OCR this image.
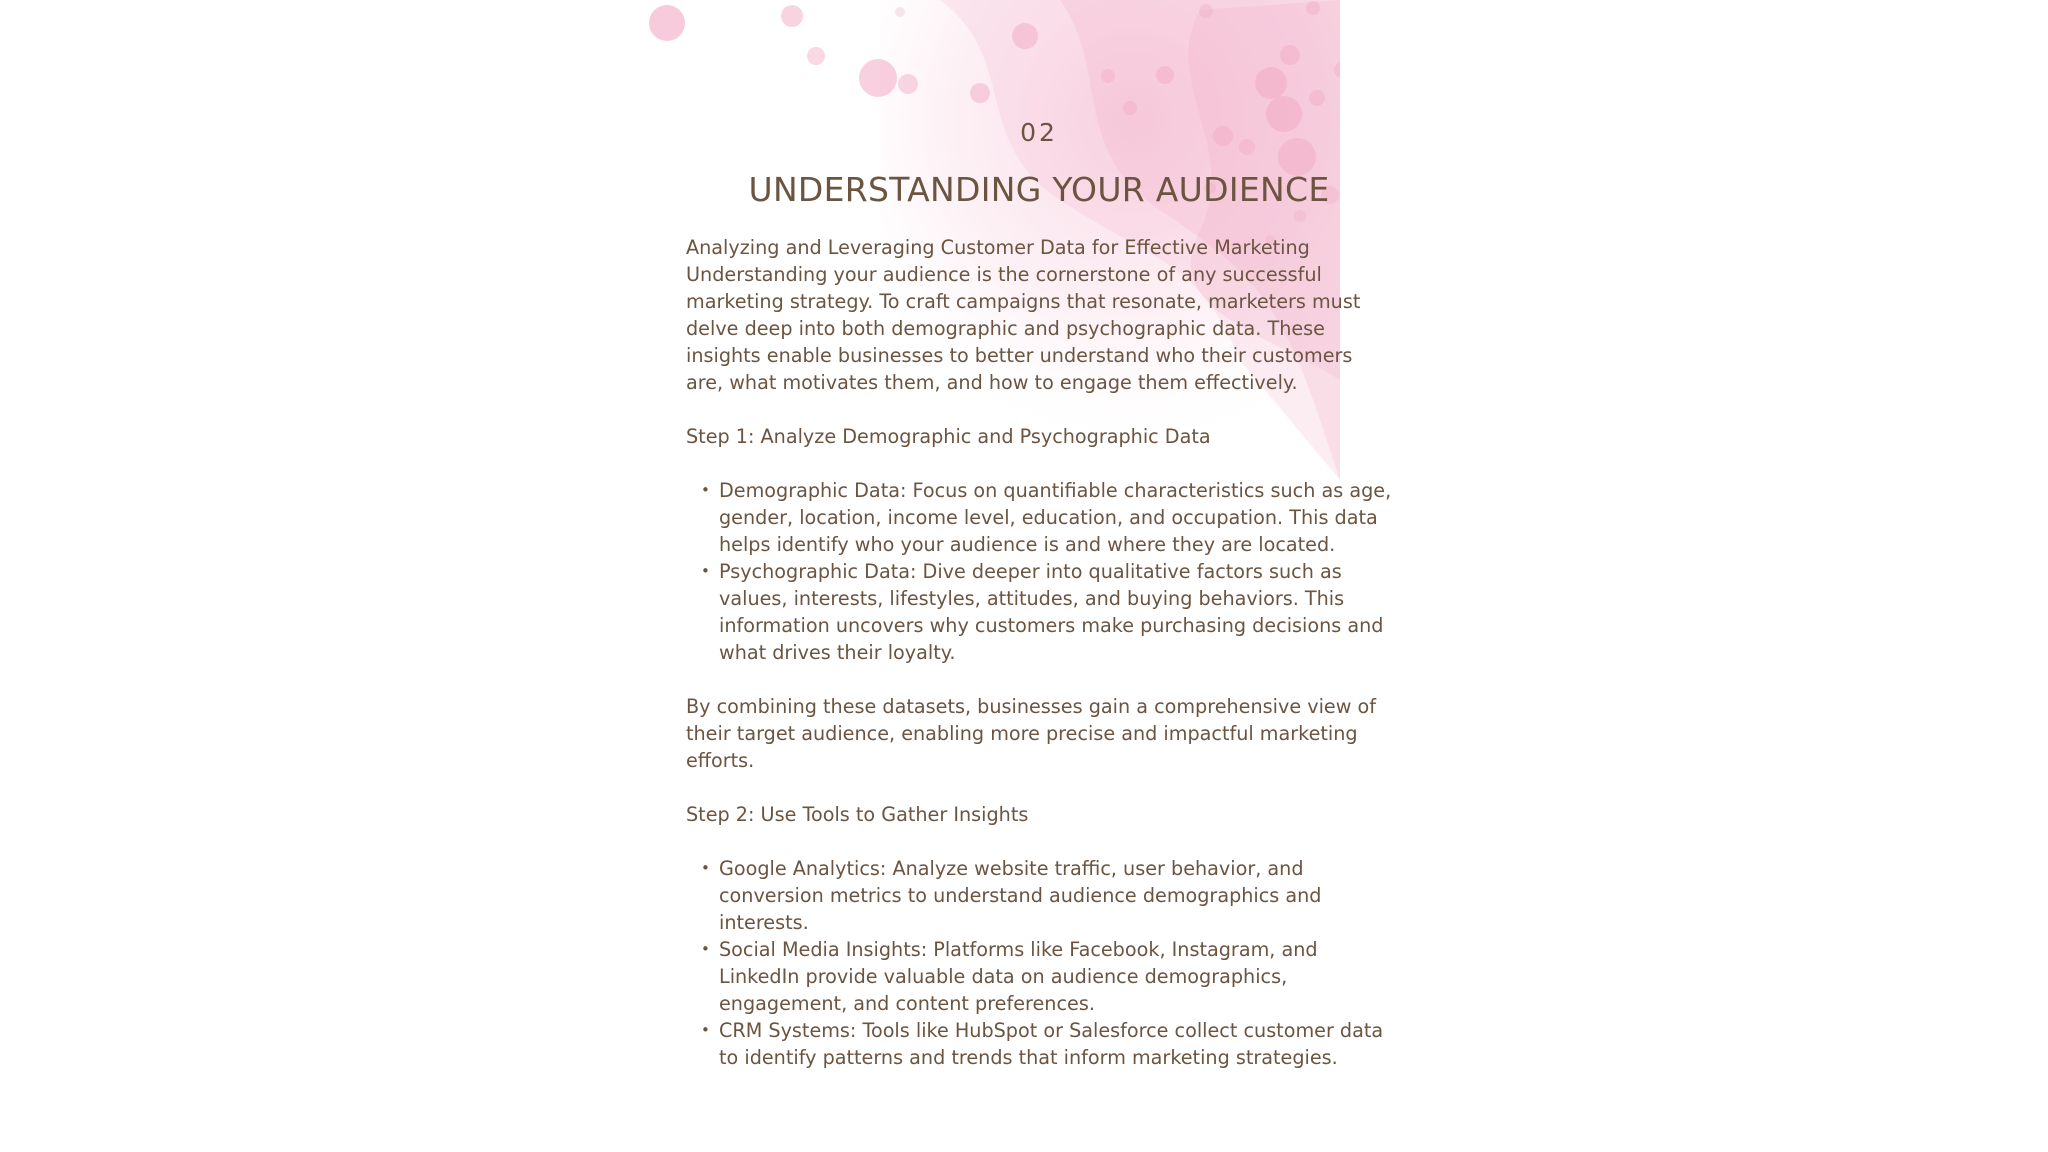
02
UNDERSTANDING YOUR AUDIENCE

Analyzing and Leveraging Customer Data for Effective Marketing

Understanding your audience is the cornerstone of any successful marketing strategy. To craft campaigns that resonate, marketers must delve deep into both demographic and psychographic data. These insights enable businesses to better understand who their customers are, what motivates them, and how to engage them effectively.

Step 1: Analyze Demographic and Psychographic Data

• Demographic Data: Focus on quantifiable characteristics such as age, gender, location, income level, education, and occupation. This data helps identify who your audience is and where they are located.
• Psychographic Data: Dive deeper into qualitative factors such as values, interests, lifestyles, attitudes, and buying behaviors. This information uncovers why customers make purchasing decisions and what drives their loyalty.

By combining these datasets, businesses gain a comprehensive view of their target audience, enabling more precise and impactful marketing efforts.

Step 2: Use Tools to Gather Insights

• Google Analytics: Analyze website traffic, user behavior, and conversion metrics to understand audience demographics and interests.
• Social Media Insights: Platforms like Facebook, Instagram, and LinkedIn provide valuable data on audience demographics, engagement, and content preferences.
• CRM Systems: Tools like HubSpot or Salesforce collect customer data to identify patterns and trends that inform marketing strategies.
